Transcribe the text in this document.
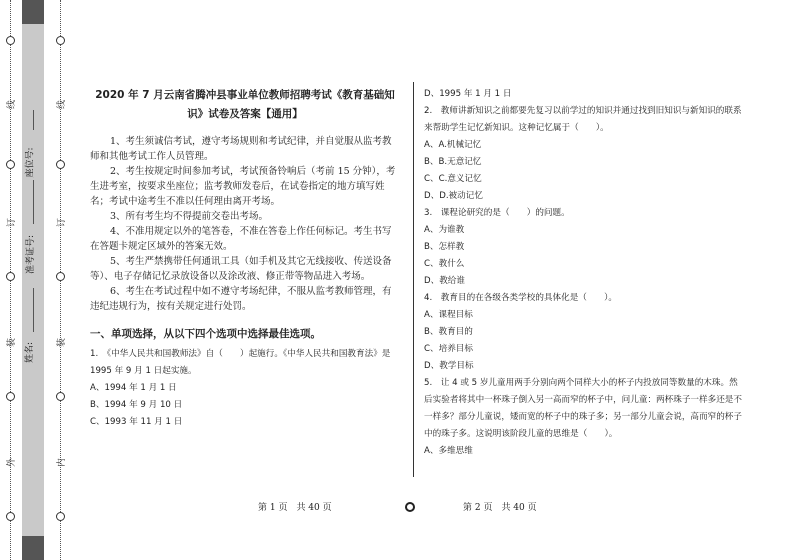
外
装
订
线
内
装
订
线
姓名:
准考证号:
座位号:
2020 年 7 月云南省腾冲县事业单位教师招聘考试《教育基础知识》试卷及答案【通用】

1、考生须诚信考试，遵守考场规则和考试纪律，并自觉服从监考教师和其他考试工作人员管理。

2、考生按规定时间参加考试，考试预备铃响后（考前 15 分钟），考生进考室，按要求坐座位；监考教师发卷后，在试卷指定的地方填写姓名；考试中途考生不准以任何理由离开考场。

3、所有考生均不得提前交卷出考场。

4、不准用规定以外的笔答卷，不准在答卷上作任何标记。考生书写在答题卡规定区域外的答案无效。

5、考生严禁携带任何通讯工具（如手机及其它无线接收、传送设备等）、电子存储记忆录放设备以及涂改液、修正带等物品进入考场。

6、考生在考试过程中如不遵守考场纪律，不服从监考教师管理，有违纪违规行为，按有关规定进行处罚。

一、单项选择，从以下四个选项中选择最佳选项。

1.　《中华人民共和国教师法》自（　　）起施行。《中华人民共和国教育法》是 1995 年 9 月 1 日起实施。

A、1994 年 1 月 1 日

B、1994 年 9 月 10 日

C、1993 年 11 月 1 日

D、1995 年 1 月 1 日

2.　教师讲新知识之前都要先复习以前学过的知识并通过找到旧知识与新知识的联系来帮助学生记忆新知识。这种记忆属于（　　）。

A、A.机械记忆

B、B.无意记忆

C、C.意义记忆

D、D.被动记忆

3.　课程论研究的是（　　）的问题。

A、为谁教

B、怎样教

C、教什么

D、教给谁

4.　教育目的在各级各类学校的具体化是（　　）。

A、课程目标

B、教育目的

C、培养目标

D、教学目标

5.　让 4 或 5 岁儿童用两手分别向两个同样大小的杯子内投放同等数量的木珠。然后实验者将其中一杯珠子倒入另一高而窄的杯子中，问儿童：两杯珠子一样多还是不一样多？部分儿童说，矮而宽的杯子中的珠子多；另一部分儿童会说，高而窄的杯子中的珠子多。这说明该阶段儿童的思维是（　　）。

A、多维思维

第 1 页　共 40 页	第 2 页　共 40 页
